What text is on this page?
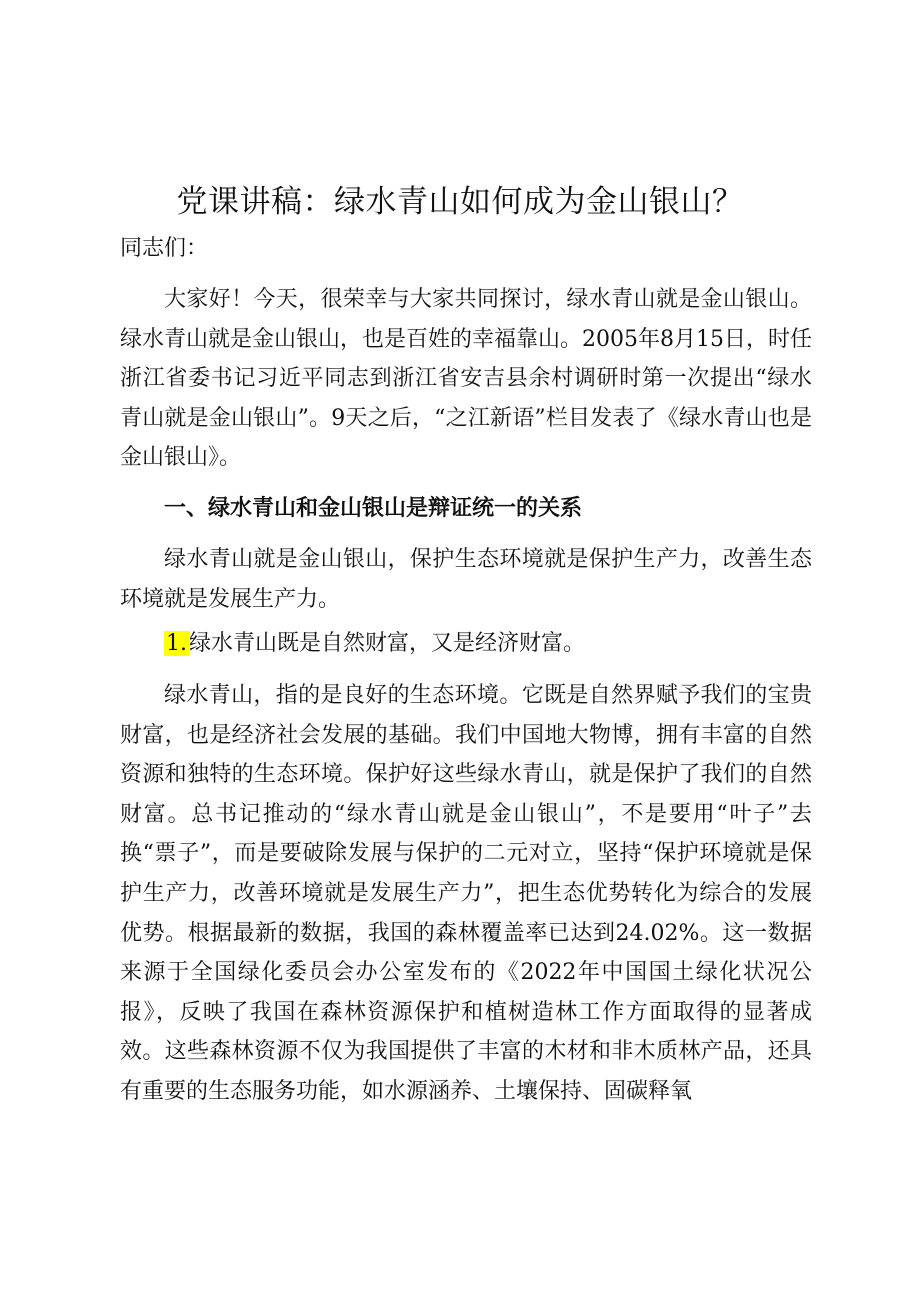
党课讲稿：绿水青山如何成为金山银山？
同志们：

大家好！今天，很荣幸与大家共同探讨，绿水青山就是金山银山。绿水青山就是金山银山，也是百姓的幸福靠山。2005年8月15日，时任浙江省委书记习近平同志到浙江省安吉县余村调研时第一次提出“绿水青山就是金山银山”。9天之后，“之江新语”栏目发表了《绿水青山也是金山银山》。

一、绿水青山和金山银山是辩证统一的关系

绿水青山就是金山银山，保护生态环境就是保护生产力，改善生态环境就是发展生产力。

1.绿水青山既是自然财富，又是经济财富。

绿水青山，指的是良好的生态环境。它既是自然界赋予我们的宝贵财富，也是经济社会发展的基础。我们中国地大物博，拥有丰富的自然资源和独特的生态环境。保护好这些绿水青山，就是保护了我们的自然财富。总书记推动的“绿水青山就是金山银山”，不是要用“叶子”去换“票子”，而是要破除发展与保护的二元对立，坚持“保护环境就是保护生产力，改善环境就是发展生产力”，把生态优势转化为综合的发展优势。根据最新的数据，我国的森林覆盖率已达到24.02%。这一数据来源于全国绿化委员会办公室发布的《2022年中国国土绿化状况公报》，反映了我国在森林资源保护和植树造林工作方面取得的显著成效。这些森林资源不仅为我国提供了丰富的木材和非木质林产品，还具有重要的生态服务功能，如水源涵养、土壤保持、固碳释氧
